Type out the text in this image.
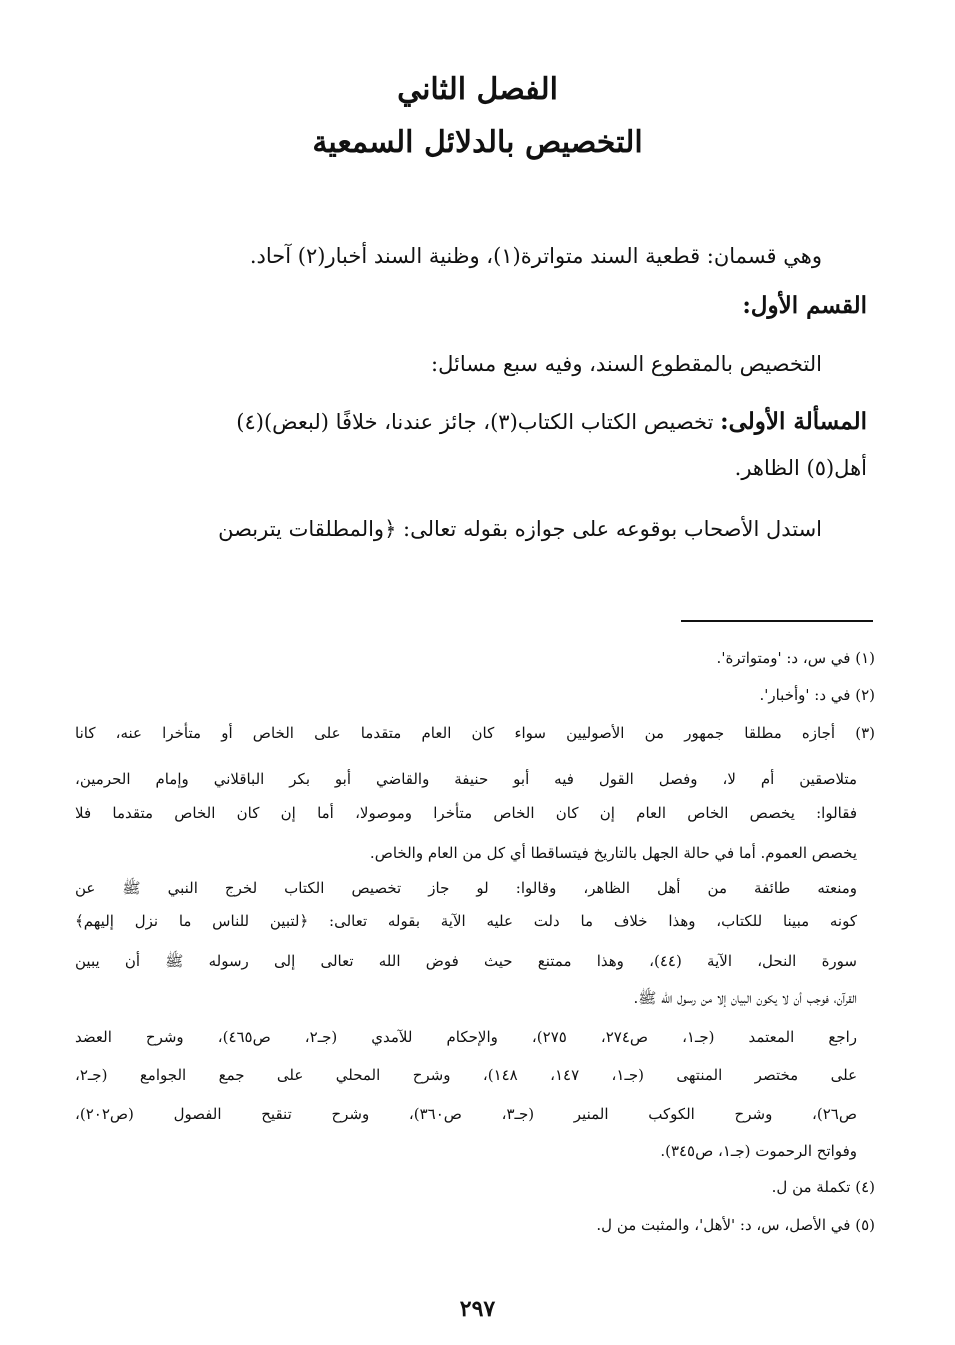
الفصل الثاني
التخصيص بالدلائل السمعية
وهي قسمان: قطعية السند متواترة(١)، وظنية السند أخبار(٢) آحاد.
القسم الأول:
التخصيص بالمقطوع السند، وفيه سبع مسائل:
المسألة الأولى: تخصيص الكتاب الكتاب(٣)، جائز عندنا، خلافًا (لبعض)(٤)
أهل(٥) الظاهر.
استدل الأصحاب بوقوعه على جوازه بقوله تعالى: ﴿والمطلقات يتربصن
(١) في س، د: 'ومتواترة'.
(٢) في د: 'وأخبار'.
(٣) أجازه مطلقا جمهور من الأصوليين سواء كان العام متقدما على الخاص أو متأخرا عنه، كانا
متلاصقين أم لا، وفصل القول فيه أبو حنيفة والقاضي أبو بكر الباقلاني وإمام الحرمين،
فقالوا: يخصص الخاص العام إن كان الخاص متأخرا وموصولا، أما إن كان الخاص متقدما فلا
يخصص العموم. أما في حالة الجهل بالتاريخ فيتساقطا أي كل من العام والخاص.
ومنعته طائفة من أهل الظاهر، وقالوا: لو جاز تخصيص الكتاب لخرج النبي ﷺ عن
كونه مبينا للكتاب، وهذا خلاف ما دلت عليه الآية بقوله تعالى: ﴿لتبين للناس ما نزل إليهم﴾
سورة النحل، الآية (٤٤)، وهذا ممتنع حيث فوض الله تعالى إلى رسوله ﷺ أن يبين
القرآن، فوجب أن لا يكون البيان إلا من رسول الله ﷺ.
راجع المعتمد (جـ١، ص٢٧٤، ٢٧٥)، والإحكام للآمدي (جـ٢، ص٤٦٥)، وشرح العضد
على مختصر المنتهى (جـ١، ١٤٧، ١٤٨)، وشرح المحلي على جمع الجوامع (جـ٢،
ص٢٦)، وشرح الكوكب المنير (جـ٣، ص٣٦٠)، وشرح تنقيح الفصول (ص٢٠٢)،
وفواتح الرحموت (جـ١، ص٣٤٥).
(٤) تكملة من ل.
(٥) في الأصل، س، د: 'لأهل'، والمثبت من ل.
٢٩٧
